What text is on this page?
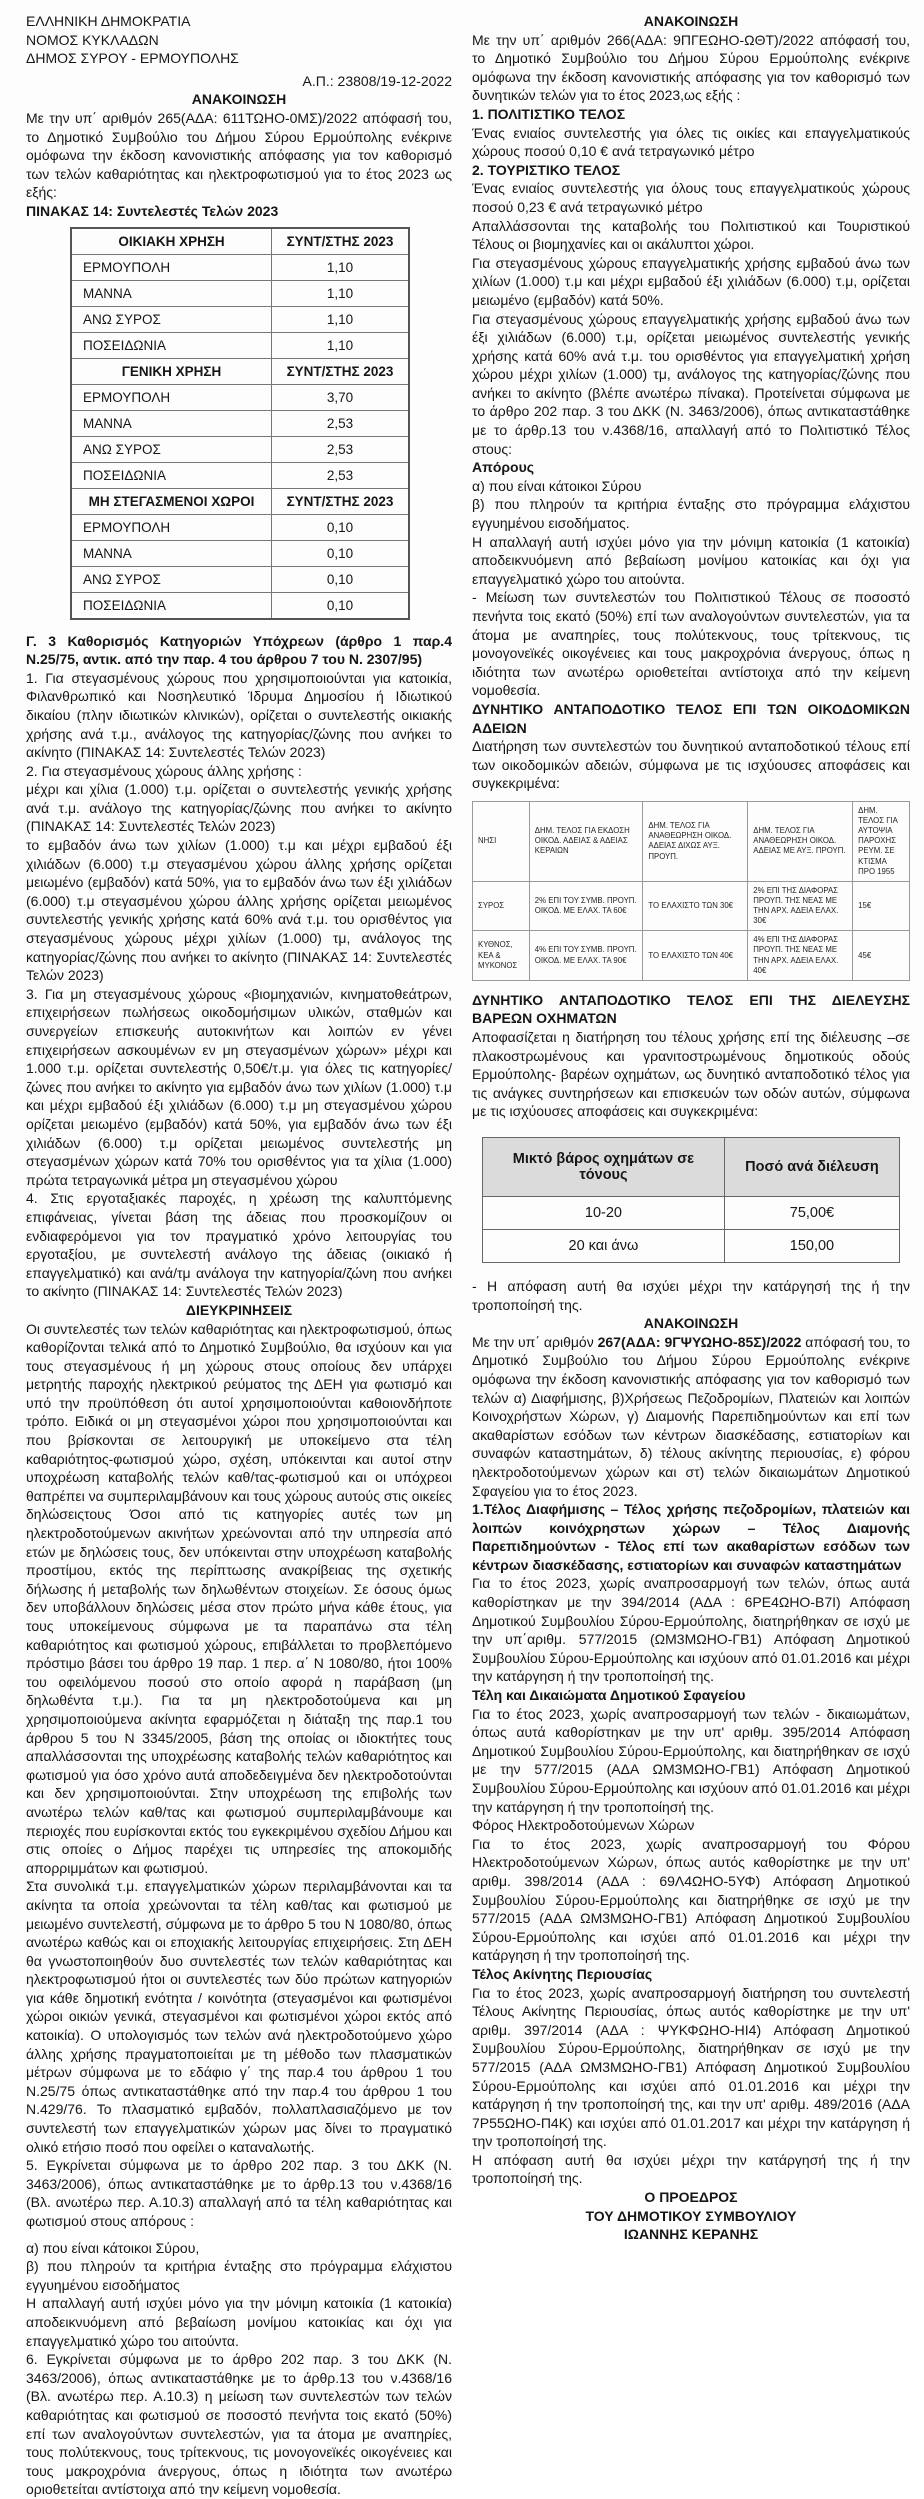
ΕΛΛΗΝΙΚΗ ΔΗΜΟΚΡΑΤΙΑ

ΝΟΜΟΣ ΚΥΚΛΑΔΩΝ

ΔΗΜΟΣ ΣΥΡΟΥ - ΕΡΜΟΥΠΟΛΗΣ

Α.Π.: 23808/19-12-2022

ΑΝΑΚΟΙΝΩΣΗ

Με την υπ΄ αριθμόν 265(ΑΔΑ: 611ΤΩΗΟ-0ΜΣ)/2022 απόφασή του, το Δημοτικό Συμβούλιο του Δήμου Σύρου Ερμούπολης ενέκρινε ομόφωνα την έκδοση κανονιστικής απόφασης για τον καθορισμό των τελών καθαριότητας και ηλεκτροφωτισμού για το έτος 2023 ως εξής:

ΠΙΝΑΚΑΣ 14: Συντελεστές Τελών 2023

ΟΙΚΙΑΚΗ ΧΡΗΣΗ	ΣΥΝΤ/ΣΤΗΣ 2023
ΕΡΜΟΥΠΟΛΗ	1,10
ΜΑΝΝΑ	1,10
ΑΝΩ ΣΥΡΟΣ	1,10
ΠΟΣΕΙΔΩΝΙΑ	1,10
ΓΕΝΙΚΗ ΧΡΗΣΗ	ΣΥΝΤ/ΣΤΗΣ 2023
ΕΡΜΟΥΠΟΛΗ	3,70
ΜΑΝΝΑ	2,53
ΑΝΩ ΣΥΡΟΣ	2,53
ΠΟΣΕΙΔΩΝΙΑ	2,53
ΜΗ ΣΤΕΓΑΣΜΕΝΟΙ ΧΩΡΟΙ	ΣΥΝΤ/ΣΤΗΣ 2023
ΕΡΜΟΥΠΟΛΗ	0,10
ΜΑΝΝΑ	0,10
ΑΝΩ ΣΥΡΟΣ	0,10
ΠΟΣΕΙΔΩΝΙΑ	0,10

Γ. 3 Καθορισμός Κατηγοριών Υπόχρεων (άρθρο 1 παρ.4 Ν.25/75, αντικ. από την παρ. 4 του άρθρου 7 του Ν. 2307/95)

1. Για στεγασμένους χώρους που χρησιμοποιούνται για κατοικία, Φιλανθρωπικό και Νοσηλευτικό Ίδρυμα Δημοσίου ή Ιδιωτικού δικαίου (πλην ιδιωτικών κλινικών), ορίζεται ο συντελεστής οικιακής χρήσης ανά τ.μ., ανάλογος της κατηγορίας/ζώνης που ανήκει το ακίνητο (ΠΙΝΑΚΑΣ 14: Συντελεστές Τελών 2023)

2. Για στεγασμένους χώρους άλλης χρήσης :

μέχρι και χίλια (1.000) τ.μ. ορίζεται ο συντελεστής γενικής χρήσης ανά τ.μ. ανάλογο της κατηγορίας/ζώνης που ανήκει το ακίνητο (ΠΙΝΑΚΑΣ 14: Συντελεστές Τελών 2023)

το εμβαδόν άνω των χιλίων (1.000) τ.μ και μέχρι εμβαδού έξι χιλιάδων (6.000) τ.μ στεγασμένου χώρου άλλης χρήσης ορίζεται μειωμένο (εμβαδόν) κατά 50%, για το εμβαδόν άνω των έξι χιλιάδων (6.000) τ.μ στεγασμένου χώρου άλλης χρήσης ορίζεται μειωμένος συντελεστής γενικής χρήσης κατά 60% ανά τ.μ. του ορισθέντος για στεγασμένους χώρους μέχρι χιλίων (1.000) τμ, ανάλογος της κατηγορίας/ζώνης που ανήκει το ακίνητο (ΠΙΝΑΚΑΣ 14: Συντελεστές Τελών 2023)

3. Για μη στεγασμένους χώρους «βιομηχανιών, κινηματοθεάτρων, επιχειρήσεων πωλήσεως οικοδομήσιμων υλικών, σταθμών και συνεργείων επισκευής αυτοκινήτων και λοιπών εν γένει επιχειρήσεων ασκουμένων εν μη στεγασμένων χώρων» μέχρι και 1.000 τ.μ. ορίζεται συντελεστής 0,50€/τ.μ. για όλες τις κατηγορίες/ζώνες που ανήκει το ακίνητο για εμβαδόν άνω των χιλίων (1.000) τ.μ και μέχρι εμβαδού έξι χιλιάδων (6.000) τ.μ μη στεγασμένου χώρου ορίζεται μειωμένο (εμβαδόν) κατά 50%, για εμβαδόν άνω των έξι χιλιάδων (6.000) τ.μ ορίζεται μειωμένος συντελεστής μη στεγασμένων χώρων κατά 70% του ορισθέντος για τα χίλια (1.000) πρώτα τετραγωνικά μέτρα μη στεγασμένου χώρου

4. Στις εργοταξιακές παροχές, η χρέωση της καλυπτόμενης επιφάνειας, γίνεται βάση της άδειας που προσκομίζουν οι ενδιαφερόμενοι για τον πραγματικό χρόνο λειτουργίας του εργοταξίου, με συντελεστή ανάλογο της άδειας (οικιακό ή επαγγελματικό) και ανά/τμ ανάλογα την κατηγορία/ζώνη που ανήκει το ακίνητο (ΠΙΝΑΚΑΣ 14: Συντελεστές Τελών 2023)

ΔΙΕΥΚΡΙΝΗΣΕΙΣ

Οι συντελεστές των τελών καθαριότητας και ηλεκτροφωτισμού, όπως καθορίζονται τελικά από το Δημοτικό Συμβούλιο, θα ισχύουν και για τους στεγασμένους ή μη χώρους στους οποίους δεν υπάρχει μετρητής παροχής ηλεκτρικού ρεύματος της ΔΕΗ για φωτισμό και υπό την προϋπόθεση ότι αυτοί χρησιμοποιούνται καθοιονδήποτε τρόπο. Ειδικά οι μη στεγασμένοι χώροι που χρησιμοποιούνται και που βρίσκονται σε λειτουργική με υποκείμενο στα τέλη καθαριότητος-φωτισμού χώρο, σχέση, υπόκεινται και αυτοί στην υποχρέωση καταβολής τελών καθ/τας-φωτισμού και οι υπόχρεοι θαπρέπει να συμπεριλαμβάνουν και τους χώρους αυτούς στις οικείες δηλώσειςτους Όσοι από τις κατηγορίες αυτές των μη ηλεκτροδοτούμενων ακινήτων χρεώνονται από την υπηρεσία από ετών με δηλώσεις τους, δεν υπόκεινται στην υποχρέωση καταβολής προστίμου, εκτός της περίπτωσης ανακρίβειας της σχετικής δήλωσης ή μεταβολής των δηλωθέντων στοιχείων. Σε όσους όμως δεν υποβάλλουν δηλώσεις μέσα στον πρώτο μήνα κάθε έτους, για τους υποκείμενους σύμφωνα με τα παραπάνω στα τέλη καθαριότητος και φωτισμού χώρους, επιβάλλεται το προβλεπόμενο πρόστιμο βάσει του άρθρο 19 παρ. 1 περ. α΄ Ν 1080/80, ήτοι 100% του οφειλόμενου ποσού στο οποίο αφορά η παράβαση (μη δηλωθέντα τ.μ.). Για τα μη ηλεκτροδοτούμενα και μη χρησιμοποιούμενα ακίνητα εφαρμόζεται η διάταξη της παρ.1 του άρθρου 5 του Ν 3345/2005, βάση της οποίας οι ιδιοκτήτες τους απαλλάσσονται της υποχρέωσης καταβολής τελών καθαριότητος και φωτισμού για όσο χρόνο αυτά αποδεδειγμένα δεν ηλεκτροδοτούνται και δεν χρησιμοποιούνται. Στην υποχρέωση της επιβολής των ανωτέρω τελών καθ/τας και φωτισμού συμπεριλαμβάνουμε και περιοχές που ευρίσκονται εκτός του εγκεκριμένου σχεδίου Δήμου και στις οποίες ο Δήμος παρέχει τις υπηρεσίες της αποκομιδής απορριμμάτων και φωτισμού.

Στα συνολικά τ.μ. επαγγελματικών χώρων περιλαμβάνονται και τα ακίνητα τα οποία χρεώνονται τα τέλη καθ/τας και φωτισμού με μειωμένο συντελεστή, σύμφωνα με το άρθρο 5 του Ν 1080/80, όπως ανωτέρω καθώς και οι εποχιακής λειτουργίας επιχειρήσεις. Στη ΔΕΗ θα γνωστοποιηθούν δυο συντελεστές των τελών καθαριότητας και ηλεκτροφωτισμού ήτοι οι συντελεστές των δύο πρώτων κατηγοριών για κάθε δημοτική ενότητα / κοινότητα (στεγασμένοι και φωτισμένοι χώροι οικιών γενικά, στεγασμένοι και φωτισμένοι χώροι εκτός από κατοικία). Ο υπολογισμός των τελών ανά ηλεκτροδοτούμενο χώρο άλλης χρήσης πραγματοποιείται με τη μέθοδο των πλασματικών μέτρων σύμφωνα με το εδάφιο γ΄ της παρ.4 του άρθρου 1 του Ν.25/75 όπως αντικαταστάθηκε από την παρ.4 του άρθρου 1 του Ν.429/76. Το πλασματικό εμβαδόν, πολλαπλασιαζόμενο με τον συντελεστή των επαγγελματικών χώρων μας δίνει το πραγματικό ολικό ετήσιο ποσό που οφείλει ο καταναλωτής.

5. Εγκρίνεται σύμφωνα με το άρθρο 202 παρ. 3 του ΔΚΚ (Ν. 3463/2006), όπως αντικαταστάθηκε με το άρθρ.13 του ν.4368/16 (Βλ. ανωτέρω περ. Α.10.3) απαλλαγή από τα τέλη καθαριότητας και φωτισμού στους απόρους :

α) που είναι κάτοικοι Σύρου,

β) που πληρούν τα κριτήρια ένταξης στο πρόγραμμα ελάχιστου εγγυημένου εισοδήματος

Η απαλλαγή αυτή ισχύει μόνο για την μόνιμη κατοικία (1 κατοικία) αποδεικνυόμενη από βεβαίωση μονίμου κατοικίας και όχι για επαγγελματικό χώρο του αιτούντα.

6. Εγκρίνεται σύμφωνα με το άρθρο 202 παρ. 3 του ΔΚΚ (Ν. 3463/2006), όπως αντικαταστάθηκε με το άρθρ.13 του ν.4368/16 (Βλ. ανωτέρω περ. Α.10.3) η μείωση των συντελεστών των τελών καθαριότητας και φωτισμού σε ποσοστό πενήντα τοις εκατό (50%) επί των αναλογούντων συντελεστών, για τα άτομα με αναπηρίες, τους πολύτεκνους, τους τρίτεκνους, τις μονογονεϊκές οικογένειες και τους μακροχρόνια άνεργους, όπως η ιδιότητα των ανωτέρω οριοθετείται αντίστοιχα από την κείμενη νομοθεσία.

ΑΝΑΚΟΙΝΩΣΗ

Με την υπ΄ αριθμόν 266(ΑΔΑ: 9ΠΓΕΩΗΟ-ΩΘΤ)/2022 απόφασή του, το Δημοτικό Συμβούλιο του Δήμου Σύρου Ερμούπολης ενέκρινε ομόφωνα την έκδοση κανονιστικής απόφασης για τον καθορισμό των δυνητικών τελών για το έτος 2023,ως εξής :

1. ΠΟΛΙΤΙΣΤΙΚΟ ΤΕΛΟΣ

Ένας ενιαίος συντελεστής για όλες τις οικίες και επαγγελματικούς χώρους ποσού 0,10 € ανά τετραγωνικό μέτρο

2. ΤΟΥΡΙΣΤΙΚΟ ΤΕΛΟΣ

Ένας ενιαίος συντελεστής για όλους τους επαγγελματικούς χώρους ποσού 0,23 € ανά τετραγωνικό μέτρο

Απαλλάσσονται της καταβολής του Πολιτιστικού και Τουριστικού Τέλους οι βιομηχανίες και οι ακάλυπτοι χώροι.

Για στεγασμένους χώρους επαγγελματικής χρήσης εμβαδού άνω των χιλίων (1.000) τ.μ και μέχρι εμβαδού έξι χιλιάδων (6.000) τ.μ, ορίζεται μειωμένο (εμβαδόν) κατά 50%.

Για στεγασμένους χώρους επαγγελματικής χρήσης εμβαδού άνω των έξι χιλιάδων (6.000) τ.μ, ορίζεται μειωμένος συντελεστής γενικής χρήσης κατά 60% ανά τ.μ. του ορισθέντος για επαγγελματική χρήση χώρου μέχρι χιλίων (1.000) τμ, ανάλογος της κατηγορίας/ζώνης που ανήκει το ακίνητο (βλέπε ανωτέρω πίνακα). Προτείνεται σύμφωνα με το άρθρο 202 παρ. 3 του ΔΚΚ (Ν. 3463/2006), όπως αντικαταστάθηκε με το άρθρ.13 του ν.4368/16, απαλλαγή από το Πολιτιστικό Τέλος στους:

Απόρους

α) που είναι κάτοικοι Σύρου

β) που πληρούν τα κριτήρια ένταξης στο πρόγραμμα ελάχιστου εγγυημένου εισοδήματος.

Η απαλλαγή αυτή ισχύει μόνο για την μόνιμη κατοικία (1 κατοικία) αποδεικνυόμενη από βεβαίωση μονίμου κατοικίας και όχι για επαγγελματικό χώρο του αιτούντα.

- Μείωση των συντελεστών του Πολιτιστικού Τέλους σε ποσοστό πενήντα τοις εκατό (50%) επί των αναλογούντων συντελεστών, για τα άτομα με αναπηρίες, τους πολύτεκνους, τους τρίτεκνους, τις μονογονεϊκές οικογένειες και τους μακροχρόνια άνεργους, όπως η ιδιότητα των ανωτέρω οριοθετείται αντίστοιχα από την κείμενη νομοθεσία.

ΔΥΝΗΤΙΚΟ ΑΝΤΑΠΟΔΟΤΙΚΟ ΤΕΛΟΣ ΕΠΙ ΤΩΝ ΟΙΚΟΔΟΜΙΚΩΝ ΑΔΕΙΩΝ

Διατήρηση των συντελεστών του δυνητικού ανταποδοτικού τέλους επί των οικοδομικών αδειών, σύμφωνα με τις ισχύουσες αποφάσεις και συγκεκριμένα:

ΝΗΣΙ	ΔΗΜ. ΤΕΛΟΣ ΓΙΑ ΕΚΔΟΣΗ ΟΙΚΟΔ. ΑΔΕΙΑΣ & ΑΔΕΙΑΣ ΚΕΡΑΙΩΝ	ΔΗΜ. ΤΕΛΟΣ ΓΙΑ ΑΝΑΘΕΩΡΗΣΗ ΟΙΚΟΔ. ΑΔΕΙΑΣ ΔΙΧΩΣ ΑΥΞ. ΠΡΟΥΠ.	ΔΗΜ. ΤΕΛΟΣ ΓΙΑ ΑΝΑΘΕΩΡΗΣΗ ΟΙΚΟΔ. ΑΔΕΙΑΣ ΜΕ ΑΥΞ. ΠΡΟΥΠ.	ΔΗΜ. ΤΕΛΟΣ ΓΙΑ ΑΥΤΟΨΙΑ ΠΑΡΟΧΗΣ ΡΕΥΜ. ΣΕ ΚΤΙΣΜΑ ΠΡΟ 1955
ΣΥΡΟΣ	2% ΕΠΙ ΤΟΥ ΣΥΜΒ. ΠΡΟΥΠ. ΟΙΚΟΔ. ΜΕ ΕΛΑΧ. ΤΑ 60€	ΤΟ ΕΛΑΧΙΣΤΟ ΤΩΝ 30€	2% ΕΠΙ ΤΗΣ ΔΙΑΦΟΡΑΣ ΠΡΟΥΠ. ΤΗΣ ΝΕΑΣ ΜΕ ΤΗΝ ΑΡΧ. ΑΔΕΙΑ ΕΛΑΧ. 30€	15€
ΚΥΘΝΟΣ, ΚΕΑ & ΜΥΚΟΝΟΣ	4% ΕΠΙ ΤΟΥ ΣΥΜΒ. ΠΡΟΥΠ. ΟΙΚΟΔ. ΜΕ ΕΛΑΧ. ΤΑ 90€	ΤΟ ΕΛΑΧΙΣΤΟ ΤΩΝ 40€	4% ΕΠΙ ΤΗΣ ΔΙΑΦΟΡΑΣ ΠΡΟΥΠ. ΤΗΣ ΝΕΑΣ ΜΕ ΤΗΝ ΑΡΧ. ΑΔΕΙΑ ΕΛΑΧ. 40€	45€

ΔΥΝΗΤΙΚΟ ΑΝΤΑΠΟΔΟΤΙΚΟ ΤΕΛΟΣ ΕΠΙ ΤΗΣ ΔΙΕΛΕΥΣΗΣ ΒΑΡΕΩΝ ΟΧΗΜΑΤΩΝ

Αποφασίζεται η διατήρηση του τέλους χρήσης επί της διέλευσης –σε πλακοστρωμένους και γρανιτοστρωμένους δημοτικούς οδούς Ερμούπολης- βαρέων οχημάτων, ως δυνητικό ανταποδοτικό τέλος για τις ανάγκες συντηρήσεων και επισκευών των οδών αυτών, σύμφωνα με τις ισχύουσες αποφάσεις και συγκεκριμένα:

Μικτό βάρος οχημάτων σε τόνους	Ποσό ανά διέλευση
10-20	75,00€
20 και άνω	150,00

- Η απόφαση αυτή θα ισχύει μέχρι την κατάργησή της ή την τροποποίησή της.

ΑΝΑΚΟΙΝΩΣΗ

Με την υπ΄ αριθμόν 267(ΑΔΑ: 9ΓΨΥΩΗΟ-85Σ)/2022 απόφασή του, το Δημοτικό Συμβούλιο του Δήμου Σύρου Ερμούπολης ενέκρινε ομόφωνα την έκδοση κανονιστικής απόφασης για τον καθορισμό των τελών α) Διαφήμισης, β)Χρήσεως Πεζοδρομίων, Πλατειών και λοιπών Κοινοχρήστων Χώρων, γ) Διαμονής Παρεπιδημούντων και επί των ακαθαρίστων εσόδων των κέντρων διασκέδασης, εστιατορίων και συναφών καταστημάτων, δ) τέλους ακίνητης περιουσίας, ε) φόρου ηλεκτροδοτούμενων χώρων και στ) τελών δικαιωμάτων Δημοτικού Σφαγείου για το έτος 2023.

1.Τέλος Διαφήμισης – Τέλος χρήσης πεζοδρομίων, πλατειών και λοιπών κοινόχρηστων χώρων – Τέλος Διαμονής Παρεπιδημούντων - Τέλος επί των ακαθαρίστων εσόδων των κέντρων διασκέδασης, εστιατορίων και συναφών καταστημάτων

Για το έτος 2023, χωρίς αναπροσαρμογή των τελών, όπως αυτά καθορίστηκαν με την 394/2014 (ΑΔΑ : 6ΡΕ4ΩΗΟ-Β7Ι) Απόφαση Δημοτικού Συμβουλίου Σύρου-Ερμούπολης, διατηρήθηκαν σε ισχύ με την υπ΄αριθμ. 577/2015 (ΩΜ3ΜΩΗΟ-ΓΒ1) Απόφαση Δημοτικού Συμβουλίου Σύρου-Ερμούπολης και ισχύουν από 01.01.2016 και μέχρι την κατάργηση ή την τροποποίησή της.

Τέλη και Δικαιώματα Δημοτικού Σφαγείου

Για το έτος 2023, χωρίς αναπροσαρμογή των τελών - δικαιωμάτων, όπως αυτά καθορίστηκαν με την υπ' αριθμ. 395/2014 Απόφαση Δημοτικού Συμβουλίου Σύρου-Ερμούπολης, και διατηρήθηκαν σε ισχύ με την 577/2015 (ΑΔΑ ΩΜ3ΜΩΗΟ-ΓΒ1) Απόφαση Δημοτικού Συμβουλίου Σύρου-Ερμούπολης και ισχύουν από 01.01.2016 και μέχρι την κατάργηση ή την τροποποίησή της.

Φόρος Ηλεκτροδοτούμενων Χώρων

Για το έτος 2023, χωρίς αναπροσαρμογή του Φόρου Ηλεκτροδοτούμενων Χώρων, όπως αυτός καθορίστηκε με την υπ' αριθμ. 398/2014 (ΑΔΑ : 69Λ4ΩΗΟ-5ΥΦ) Απόφαση Δημοτικού Συμβουλίου Σύρου-Ερμούπολης και διατηρήθηκε σε ισχύ με την 577/2015 (ΑΔΑ ΩΜ3ΜΩΗΟ-ΓΒ1) Απόφαση Δημοτικού Συμβουλίου Σύρου-Ερμούπολης και ισχύει από 01.01.2016 και μέχρι την κατάργηση ή την τροποποίησή της.

Τέλος Ακίνητης Περιουσίας

Για το έτος 2023, χωρίς αναπροσαρμογή διατήρηση του συντελεστή Τέλους Ακίνητης Περιουσίας, όπως αυτός καθορίστηκε με την υπ' αριθμ. 397/2014 (ΑΔΑ : ΨΥΚΦΩΗΟ-ΗΙ4) Απόφαση Δημοτικού Συμβουλίου Σύρου-Ερμούπολης, διατηρήθηκαν σε ισχύ με την 577/2015 (ΑΔΑ ΩΜ3ΜΩΗΟ-ΓΒ1) Απόφαση Δημοτικού Συμβουλίου Σύρου-Ερμούπολης και ισχύει από 01.01.2016 και μέχρι την κατάργηση ή την τροποποίησή της, και την υπ' αριθμ. 489/2016 (ΑΔΑ 7Ρ55ΩΗΟ-Π4Κ) και ισχύει από 01.01.2017 και μέχρι την κατάργηση ή την τροποποίησή της.

Η απόφαση αυτή θα ισχύει μέχρι την κατάργησή της ή την τροποποίησή της.

Ο ΠΡΟΕΔΡΟΣ

ΤΟΥ ΔΗΜΟΤΙΚΟΥ ΣΥΜΒΟΥΛΙΟΥ

ΙΩΑΝΝΗΣ ΚΕΡΑΝΗΣ
